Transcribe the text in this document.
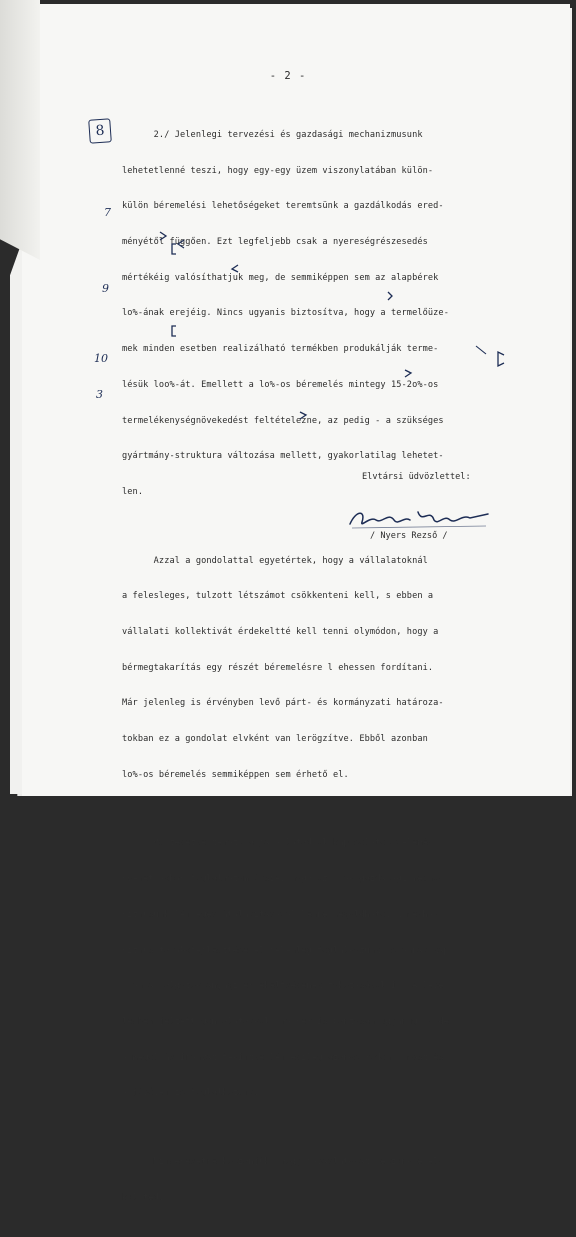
- 2 -
8
7
9
10
3

2./ Jelenlegi tervezési és gazdasági mechanizmusunk

lehetetlenné teszi, hogy egy-egy üzem viszonylatában külön-

külön béremelési lehetőségeket teremtsünk a gazdálkodás ered-

ményétől függően. Ezt legfeljebb csak a nyereségrészesedés

mértékéig valósíthatjuk meg, de semmiképpen sem az alapbérek

lo%-ának erejéig. Nincs ugyanis biztosítva, hogy a termelőüze-

mek minden esetben realizálható termékben produkálják terme-

lésük loo%-át. Emellett a lo%-os béremelés mintegy 15-2o%-os

termelékenységnövekedést feltételezne, az pedig - a szükséges

gyártmány-struktura változása mellett, gyakorlatilag lehetet-

len.

Azzal a gondolattal egyetértek, hogy a vállalatoknál

a felesleges, tulzott létszámot csökkenteni kell, s ebben a

vállalati kollektivát érdekeltté kell tenni olymódon, hogy a

bérmegtakarítás egy részét béremelésre l ehessen fordítani.

Már jelenleg is érvényben levő párt- és kormányzati határoza-

tokban ez a gondolat elvként van lerögzítve. Ebből azonban

lo%-os béremelés semmiképpen sem érhető el.

Összegezve tehát, a javaslatoddal kapcsolatos vélemé-

nyemet abban foglalhatom össze, hogy az csak gazdasági mecha-

nizmusunk lényeges átalakításával lenne megoldható. A mechá-

nizmus továbbfejlesztésével jelenleg foglalkozunk, s annak kap-

csán a dolgozók anyagi érdekeltségének fokozásával is. A leve-

ledben jelzett gondolatokkal, ha nem is pontosan ugyanugy - de

a megoldás irányát tekintve lényegileg azonos módon - most és

a jövőben is foglalkozunk.

Mindenesetre köszönjük, hogy javaslatodat részünkre el-

küldted.

Elvtársi üdvözlettel:
/ Nyers Rezső /
